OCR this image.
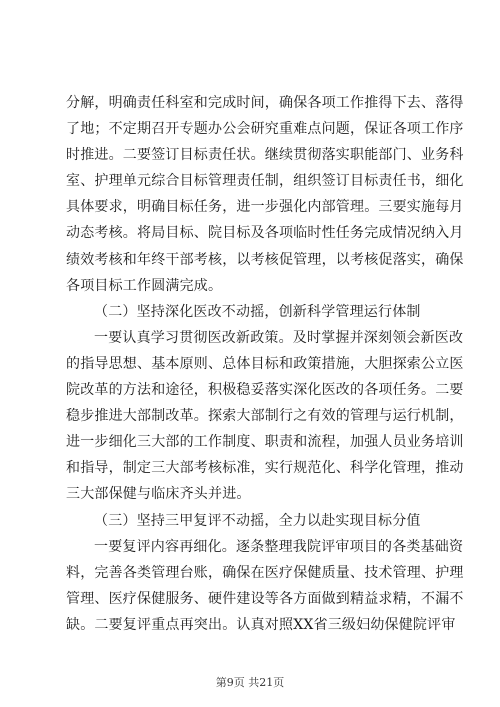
分解，明确责任科室和完成时间，确保各项工作推得下去、落得
了地；不定期召开专题办公会研究重难点问题，保证各项工作序
时推进。二要签订目标责任状。继续贯彻落实职能部门、业务科
室、护理单元综合目标管理责任制，组织签订目标责任书，细化
具体要求，明确目标任务，进一步强化内部管理。三要实施每月
动态考核。将局目标、院目标及各项临时性任务完成情况纳入月
绩效考核和年终干部考核，以考核促管理，以考核促落实，确保
各项目标工作圆满完成。
（二）坚持深化医改不动摇，创新科学管理运行体制
一要认真学习贯彻医改新政策。及时掌握并深刻领会新医改
的指导思想、基本原则、总体目标和政策措施，大胆探索公立医
院改革的方法和途径，积极稳妥落实深化医改的各项任务。二要
稳步推进大部制改革。探索大部制行之有效的管理与运行机制，
进一步细化三大部的工作制度、职责和流程，加强人员业务培训
和指导，制定三大部考核标准，实行规范化、科学化管理，推动
三大部保健与临床齐头并进。
（三）坚持三甲复评不动摇，全力以赴实现目标分值
一要复评内容再细化。逐条整理我院评审项目的各类基础资
料，完善各类管理台账，确保在医疗保健质量、技术管理、护理
管理、医疗保健服务、硬件建设等各方面做到精益求精，不漏不
缺。二要复评重点再突出。认真对照XX省三级妇幼保健院评审
第9页 共21页
